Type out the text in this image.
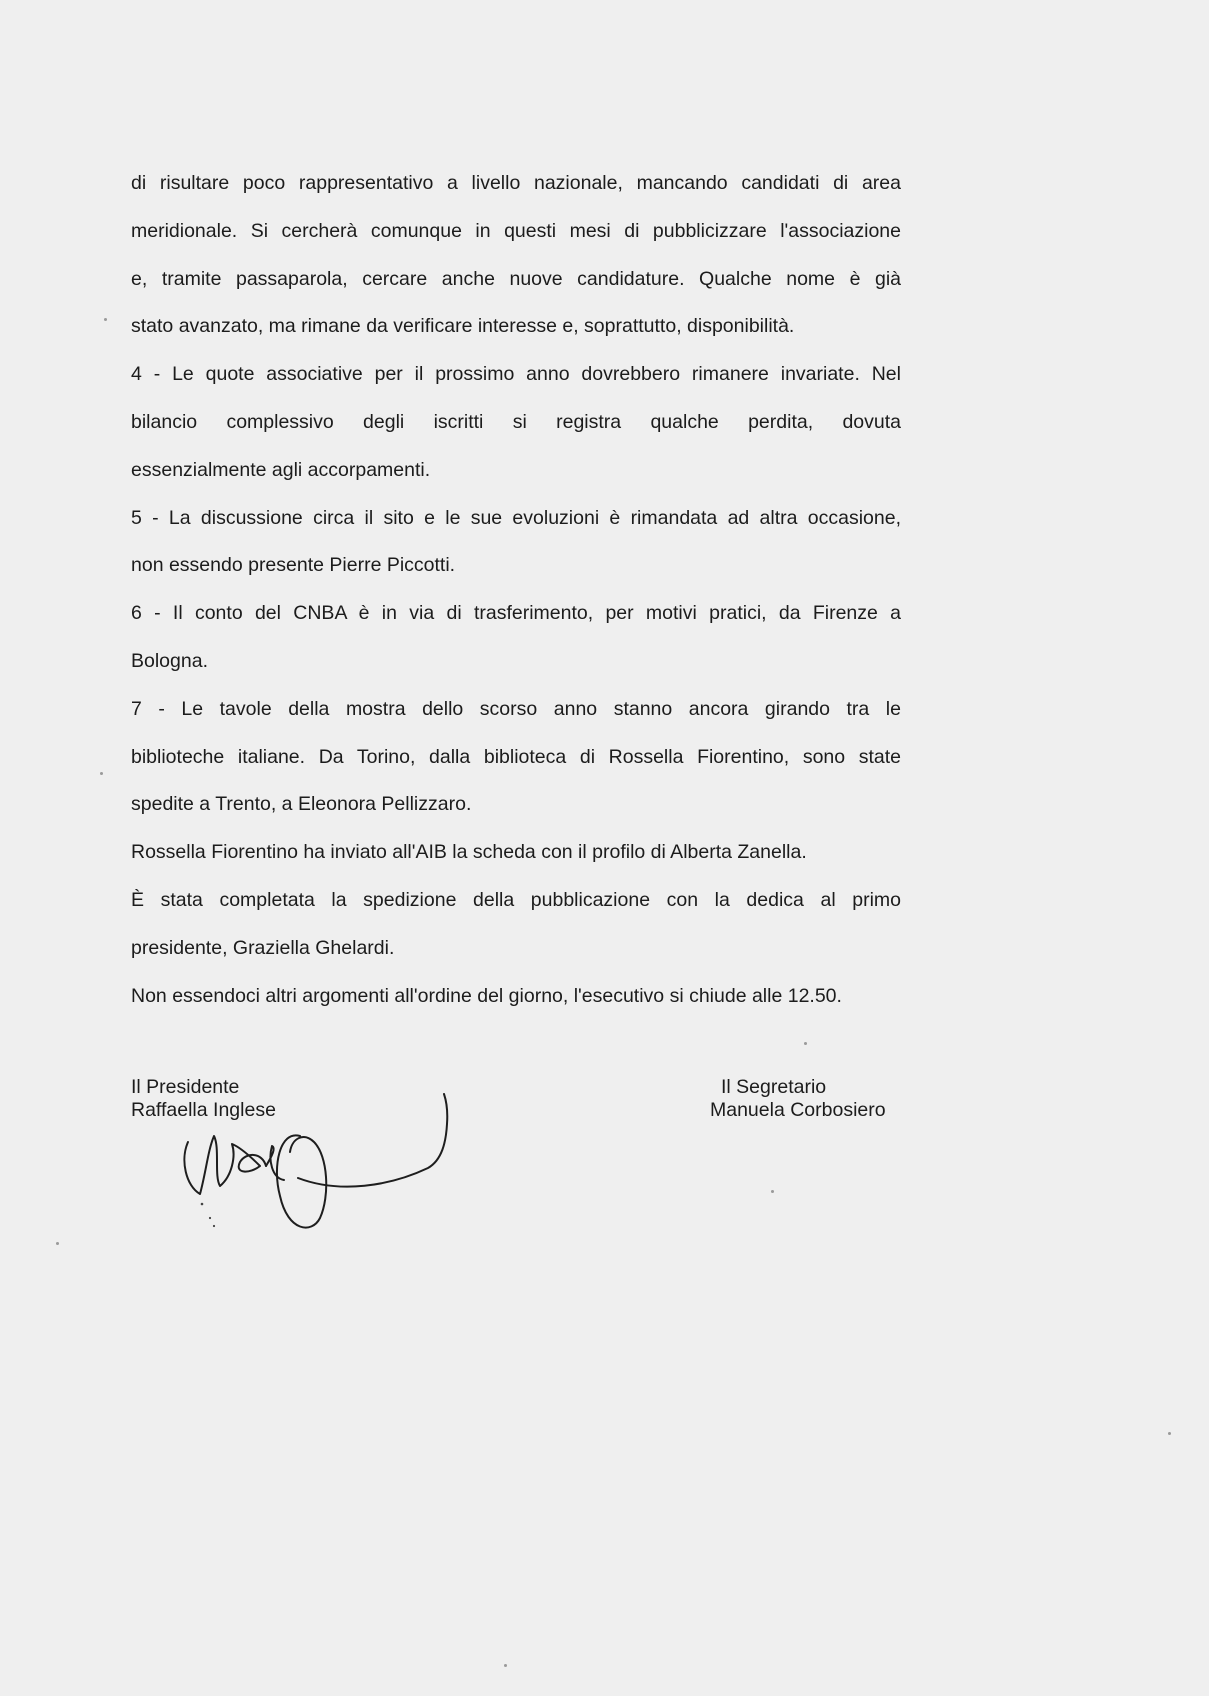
di risultare poco rappresentativo a livello nazionale, mancando candidati di area
meridionale. Si cercherà comunque in questi mesi di pubblicizzare l'associazione
e, tramite passaparola, cercare anche nuove candidature. Qualche nome è già
stato avanzato, ma rimane da verificare interesse e, soprattutto, disponibilità.

4 - Le quote associative per il prossimo anno dovrebbero rimanere invariate. Nel
bilancio complessivo degli iscritti si registra qualche perdita, dovuta
essenzialmente agli accorpamenti.

5 - La discussione circa il sito e le sue evoluzioni è rimandata ad altra occasione,
non essendo presente Pierre Piccotti.

6 - Il conto del CNBA è in via di trasferimento, per motivi pratici, da Firenze a
Bologna.

7 - Le tavole della mostra dello scorso anno stanno ancora girando tra le
biblioteche italiane. Da Torino, dalla biblioteca di Rossella Fiorentino, sono state
spedite a Trento, a Eleonora Pellizzaro.

Rossella Fiorentino ha inviato all'AIB la scheda con il profilo di Alberta Zanella.

È stata completata la spedizione della pubblicazione con la dedica al primo
presidente, Graziella Ghelardi.

Non essendoci altri argomenti all'ordine del giorno, l'esecutivo si chiude alle 12.50.

Il Presidente
Raffaella Inglese
Il Segretario
Manuela Corbosiero
